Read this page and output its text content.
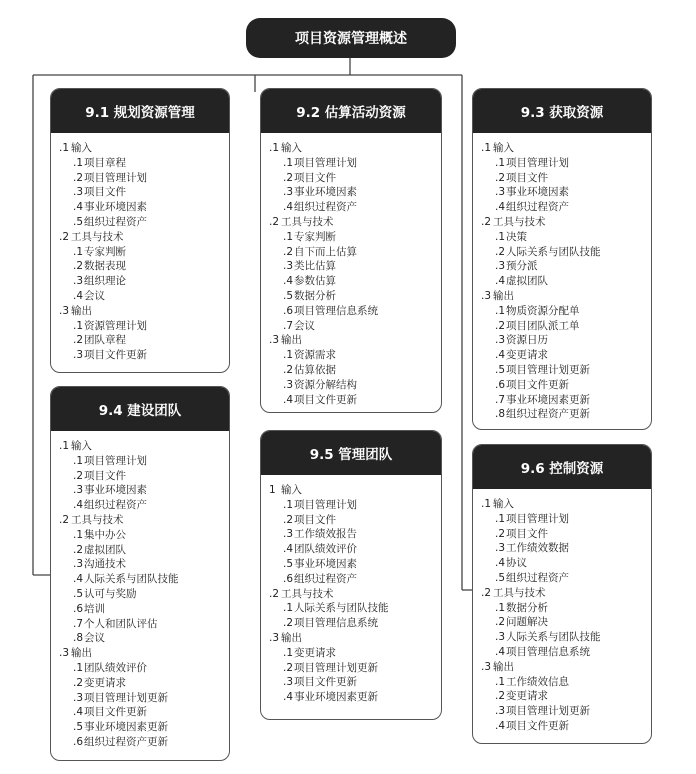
项目资源管理概述
9.1 规划资源管理
.1 输入
.1项目章程
.2项目管理计划
.3项目文件
.4事业环境因素
.5组织过程资产
.2 工具与技术
.1专家判断
.2数据表现
.3组织理论
.4会议
.3 输出
.1资源管理计划
.2团队章程
.3项目文件更新
9.2 估算活动资源
.1 输入
.1项目管理计划
.2项目文件
.3事业环境因素
.4组织过程资产
.2 工具与技术
.1专家判断
.2自下而上估算
.3类比估算
.4参数估算
.5数据分析
.6项目管理信息系统
.7会议
.3 输出
.1资源需求
.2估算依据
.3资源分解结构
.4项目文件更新
9.3 获取资源
.1 输入
.1项目管理计划
.2项目文件
.3事业环境因素
.4组织过程资产
.2 工具与技术
.1决策
.2人际关系与团队技能
.3预分派
.4虚拟团队
.3 输出
.1物质资源分配单
.2项目团队派工单
.3资源日历
.4变更请求
.5项目管理计划更新
.6项目文件更新
.7事业环境因素更新
.8组织过程资产更新
9.4 建设团队
.1 输入
.1项目管理计划
.2项目文件
.3事业环境因素
.4组织过程资产
.2 工具与技术
.1集中办公
.2虚拟团队
.3沟通技术
.4人际关系与团队技能
.5认可与奖励
.6培训
.7个人和团队评估
.8会议
.3 输出
.1团队绩效评价
.2变更请求
.3项目管理计划更新
.4项目文件更新
.5事业环境因素更新
.6组织过程资产更新
9.5 管理团队
1 输入
.1项目管理计划
.2项目文件
.3工作绩效报告
.4团队绩效评价
.5事业环境因素
.6组织过程资产
.2 工具与技术
.1人际关系与团队技能
.2项目管理信息系统
.3 输出
.1变更请求
.2项目管理计划更新
.3项目文件更新
.4事业环境因素更新
9.6 控制资源
.1 输入
.1项目管理计划
.2项目文件
.3工作绩效数据
.4协议
.5组织过程资产
.2 工具与技术
.1数据分析
.2问题解决
.3人际关系与团队技能
.4项目管理信息系统
.3 输出
.1工作绩效信息
.2变更请求
.3项目管理计划更新
.4项目文件更新
